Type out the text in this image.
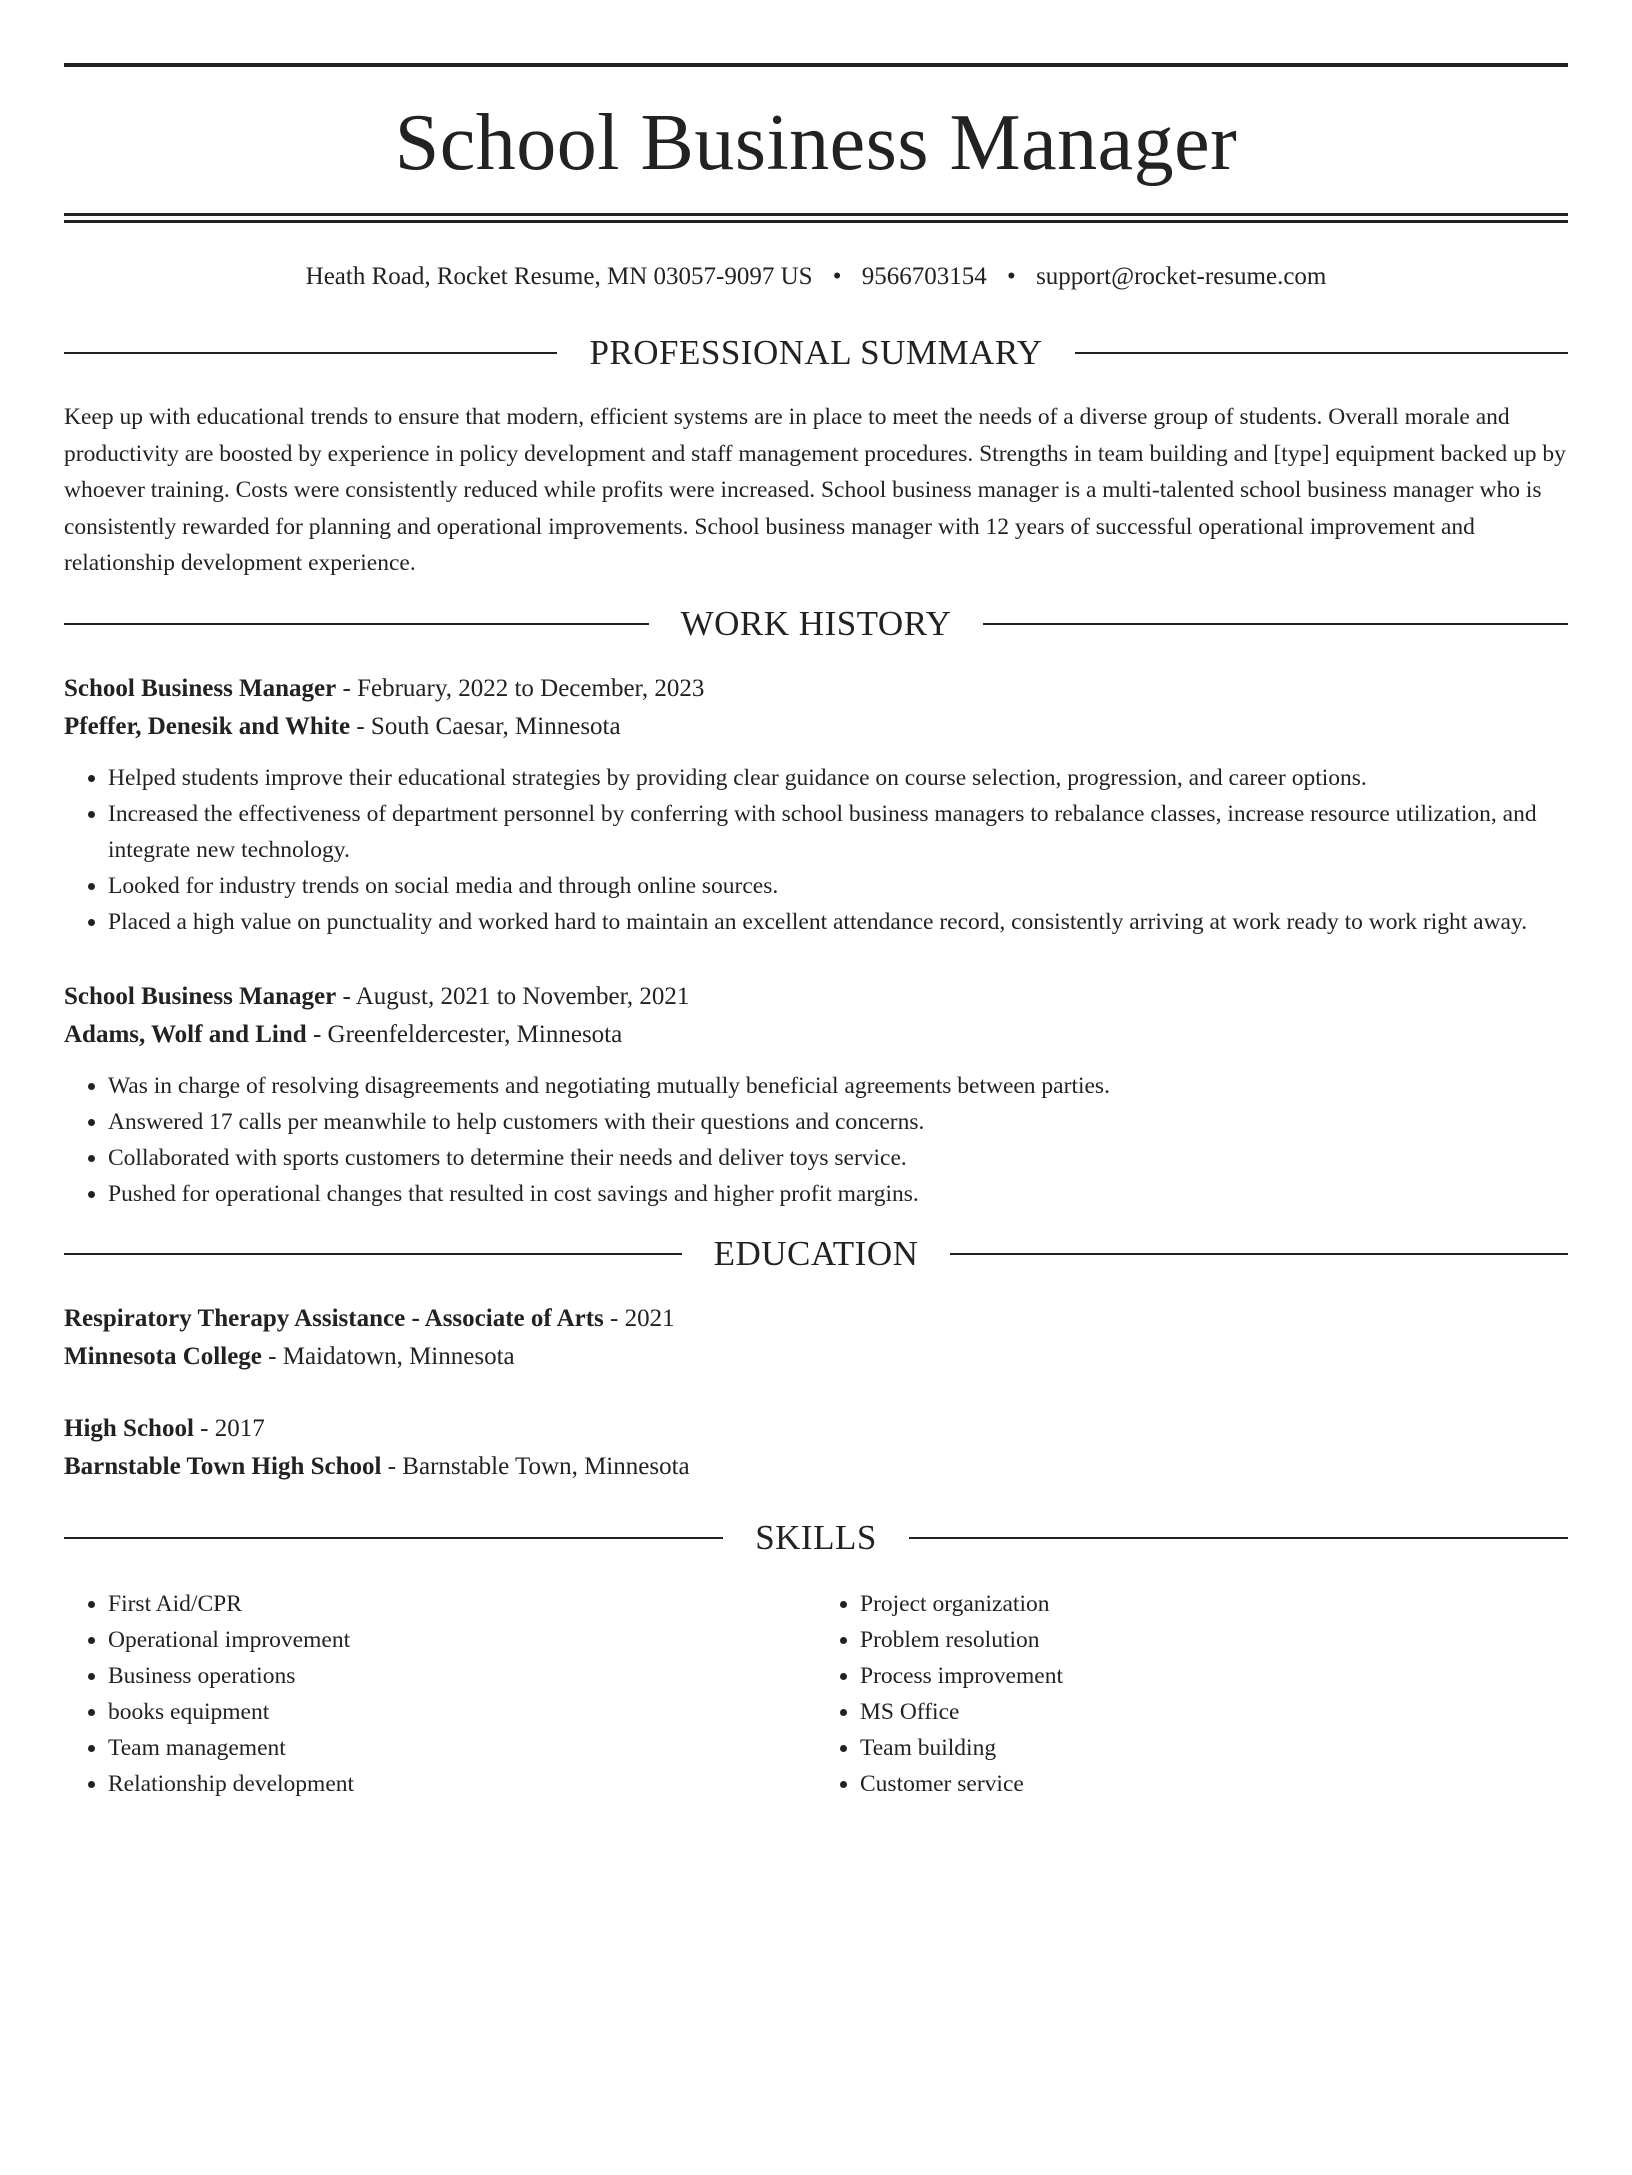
School Business Manager
Heath Road, Rocket Resume, MN 03057-9097 US • 9566703154 • support@rocket-resume.com
PROFESSIONAL SUMMARY

Keep up with educational trends to ensure that modern, efficient systems are in place to meet the needs of a diverse group of students. Overall morale and productivity are boosted by experience in policy development and staff management procedures. Strengths in team building and [type] equipment backed up by whoever training. Costs were consistently reduced while profits were increased. School business manager is a multi-talented school business manager who is consistently rewarded for planning and operational improvements. School business manager with 12 years of successful operational improvement and relationship development experience.

WORK HISTORY
School Business Manager - February, 2022 to December, 2023
Pfeffer, Denesik and White - South Caesar, Minnesota
• Helped students improve their educational strategies by providing clear guidance on course selection, progression, and career options.
• Increased the effectiveness of department personnel by conferring with school business managers to rebalance classes, increase resource utilization, and integrate new technology.
• Looked for industry trends on social media and through online sources.
• Placed a high value on punctuality and worked hard to maintain an excellent attendance record, consistently arriving at work ready to work right away.
School Business Manager - August, 2021 to November, 2021
Adams, Wolf and Lind - Greenfeldercester, Minnesota
• Was in charge of resolving disagreements and negotiating mutually beneficial agreements between parties.
• Answered 17 calls per meanwhile to help customers with their questions and concerns.
• Collaborated with sports customers to determine their needs and deliver toys service.
• Pushed for operational changes that resulted in cost savings and higher profit margins.
EDUCATION
Respiratory Therapy Assistance - Associate of Arts - 2021
Minnesota College - Maidatown, Minnesota
High School - 2017
Barnstable Town High School - Barnstable Town, Minnesota
SKILLS
• First Aid/CPR
• Operational improvement
• Business operations
• books equipment
• Team management
• Relationship development
• Project organization
• Problem resolution
• Process improvement
• MS Office
• Team building
• Customer service
